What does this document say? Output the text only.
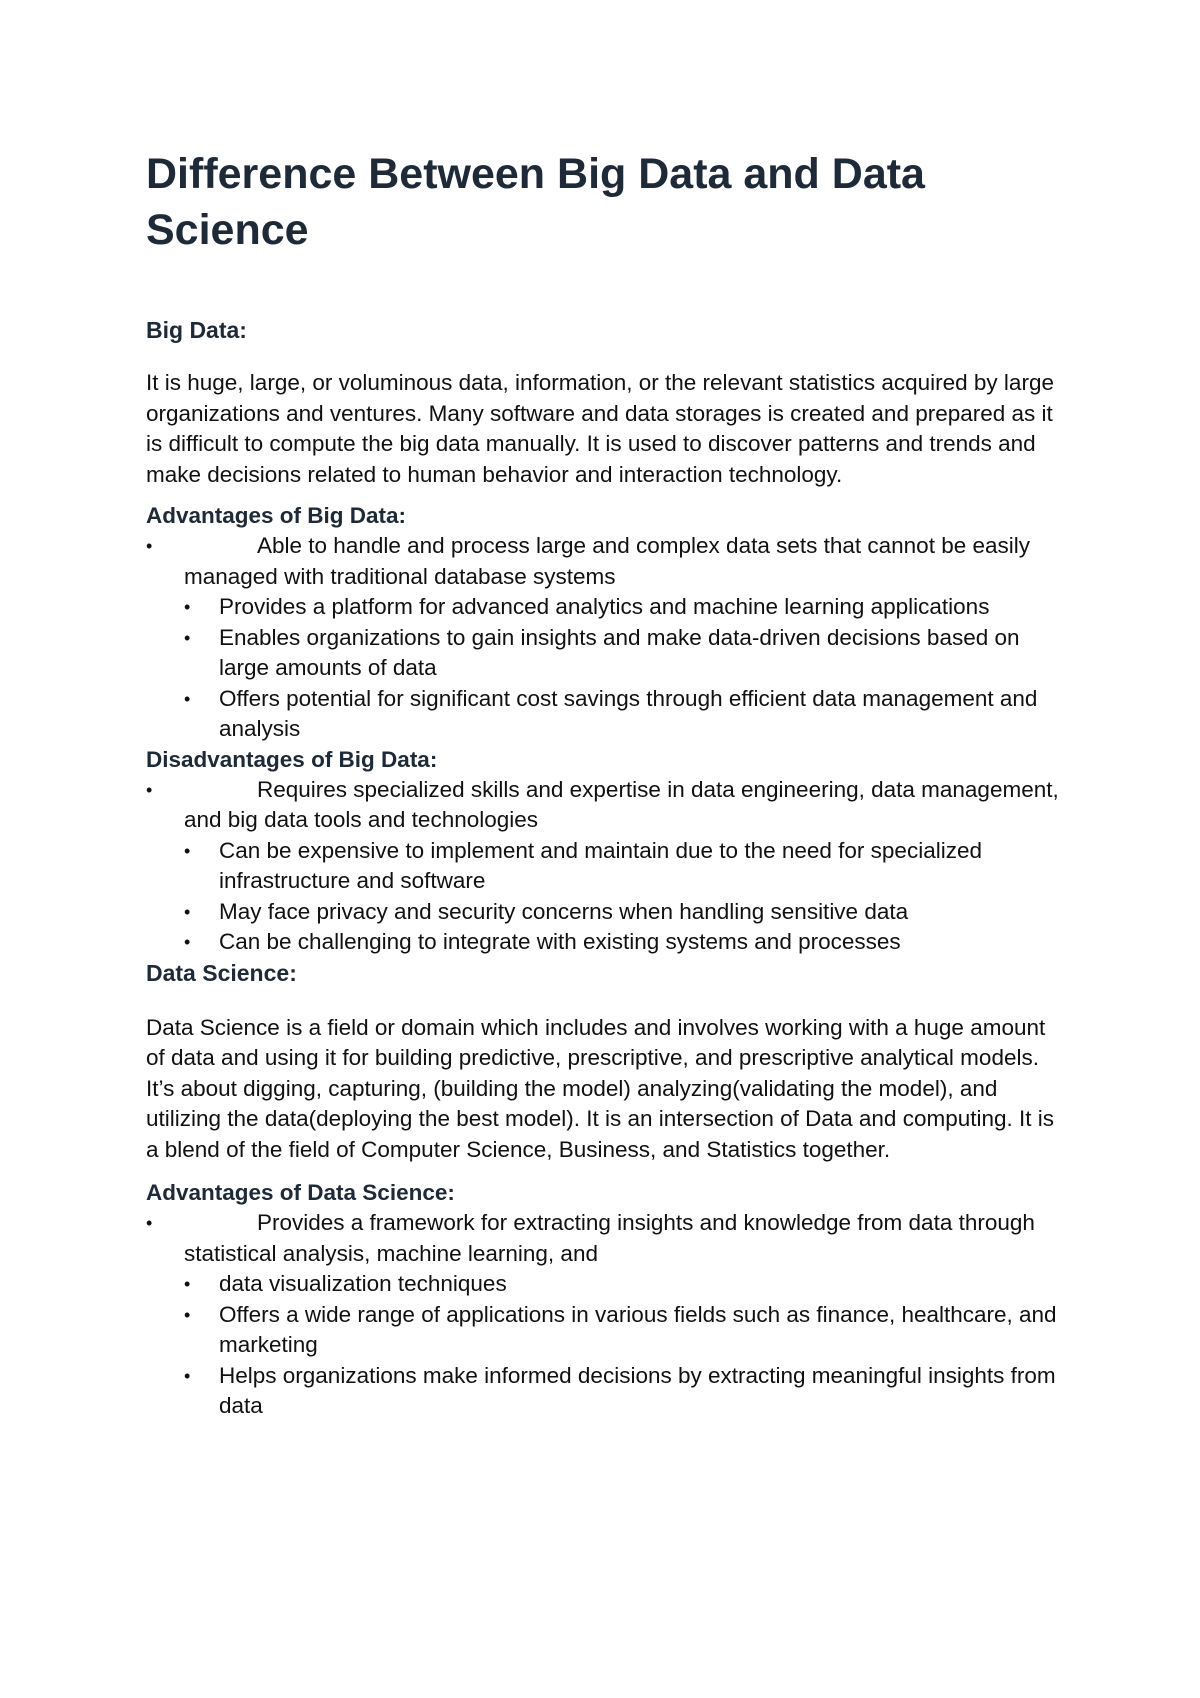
Difference Between Big Data and Data Science
Big Data:

It is huge, large, or voluminous data, information, or the relevant statistics acquired by large organizations and ventures. Many software and data storages is created and prepared as it is difficult to compute the big data manually. It is used to discover patterns and trends and make decisions related to human behavior and interaction technology.

Advantages of Big Data:
•	Able to handle and process large and complex data sets that cannot be easily managed with traditional database systems
• Provides a platform for advanced analytics and machine learning applications
• Enables organizations to gain insights and make data-driven decisions based on large amounts of data
• Offers potential for significant cost savings through efficient data management and analysis
Disadvantages of Big Data:
•	Requires specialized skills and expertise in data engineering, data management, and big data tools and technologies
• Can be expensive to implement and maintain due to the need for specialized infrastructure and software
• May face privacy and security concerns when handling sensitive data
• Can be challenging to integrate with existing systems and processes
Data Science:

Data Science is a field or domain which includes and involves working with a huge amount of data and using it for building predictive, prescriptive, and prescriptive analytical models. It’s about digging, capturing, (building the model) analyzing(validating the model), and utilizing the data(deploying the best model). It is an intersection of Data and computing. It is a blend of the field of Computer Science, Business, and Statistics together.

Advantages of Data Science:
•	Provides a framework for extracting insights and knowledge from data through statistical analysis, machine learning, and
• data visualization techniques
• Offers a wide range of applications in various fields such as finance, healthcare, and marketing
• Helps organizations make informed decisions by extracting meaningful insights from data
